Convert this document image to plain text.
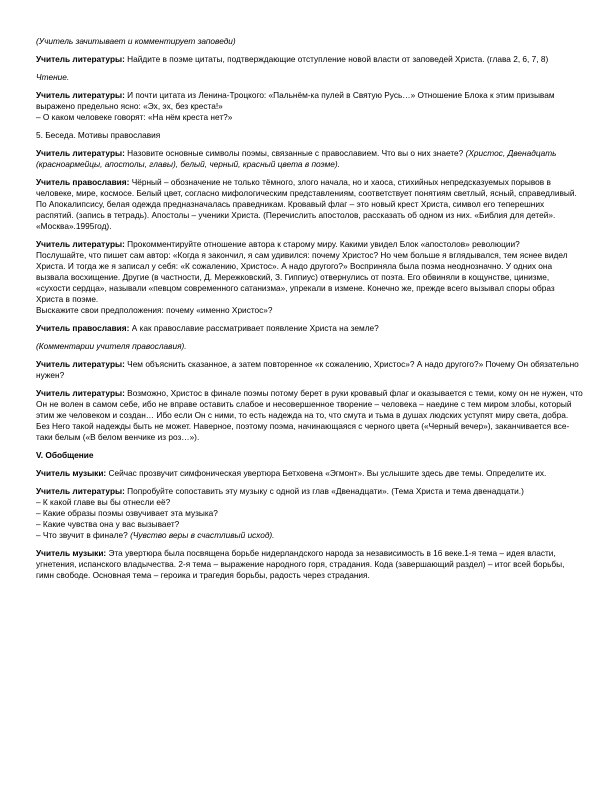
(Учитель зачитывает и комментирует заповеди)

Учитель литературы: Найдите в поэме цитаты, подтверждающие отступление новой власти от заповедей Христа. (глава 2, 6, 7, 8)

Чтение.

Учитель литературы: И почти цитата из Ленина-Троцкого: «Пальнём-ка пулей в Святую Русь…» Отношение Блока к этим призывам выражено предельно ясно: «Эх, эх, без креста!»
– О каком человеке говорят: «На нём креста нет?»

5. Беседа. Мотивы православия

Учитель литературы: Назовите основные символы поэмы, связанные с православием. Что вы о них знаете? (Христос, Двенадцать (красноармейцы, апостолы, главы), белый, черный, красный цвета в поэме).

Учитель православия: Чёрный – обозначение не только тёмного, злого начала, но и хаоса, стихийных непредсказуемых порывов в человеке, мире, космосе. Белый цвет, согласно мифологическим представлениям, соответствует понятиям светлый, ясный, справедливый. По Апокалипсису, белая одежда предназначалась праведникам. Кровавый флаг – это новый крест Христа, символ его теперешних распятий. (запись в тетрадь). Апостолы – ученики Христа. (Перечислить апостолов, рассказать об одном из них. «Библия для детей». «Москва».1995год).

Учитель литературы: Прокомментируйте отношение автора к старому миру. Какими увидел Блок «апостолов» революции?
Послушайте, что пишет сам автор: «Когда я закончил, я сам удивился: почему Христос? Но чем больше я вглядывался, тем яснее видел Христа. И тогда же я записал у себя: «К сожалению, Христос». А надо другого?» Восприняла была поэма неоднозначно. У одних она вызвала восхищение. Другие (в частности, Д. Мережковский, З. Гиппиус) отвернулись от поэта. Его обвиняли в кощунстве, цинизме, «сухости сердца», называли «певцом современного сатанизма», упрекали в измене. Конечно же, прежде всего вызывал споры образ Христа в поэме.
Выскажите свои предположения: почему «именно Христос»?

Учитель православия: А как православие рассматривает появление Христа на земле?

(Комментарии учителя православия).

Учитель литературы: Чем объяснить сказанное, а затем повторенное «к сожалению, Христос»? А надо другого?» Почему Он обязательно нужен?

Учитель литературы: Возможно, Христос в финале поэмы потому берет в руки кровавый флаг и оказывается с теми, кому он не нужен, что Он не волен в самом себе, ибо не вправе оставить слабое и несовершенное творение – человека – наедине с тем миром злобы, который этим же человеком и создан… Ибо если Он с ними, то есть надежда на то, что смута и тьма в душах людских уступят миру света, добра. Без Него такой надежды быть не может. Наверное, поэтому поэма, начинающаяся с черного цвета («Черный вечер»), заканчивается все-таки белым («В белом венчике из роз…»).

V. Обобщение

Учитель музыки: Сейчас прозвучит симфоническая увертюра Бетховена «Эгмонт». Вы услышите здесь две темы. Определите их.

Учитель литературы: Попробуйте сопоставить эту музыку с одной из глав «Двенадцати». (Тема Христа и тема двенадцати.)
– К какой главе вы бы отнесли её?
– Какие образы поэмы озвучивает эта музыка?
– Какие чувства она у вас вызывает?
– Что звучит в финале? (Чувство веры в счастливый исход).

Учитель музыки: Эта увертюра была посвящена борьбе нидерландского народа за независимость в 16 веке.1-я тема – идея власти, угнетения, испанского владычества. 2-я тема – выражение народного горя, страдания. Кода (завершающий раздел) – итог всей борьбы, гимн свободе. Основная тема – героика и трагедия борьбы, радость через страдания.
